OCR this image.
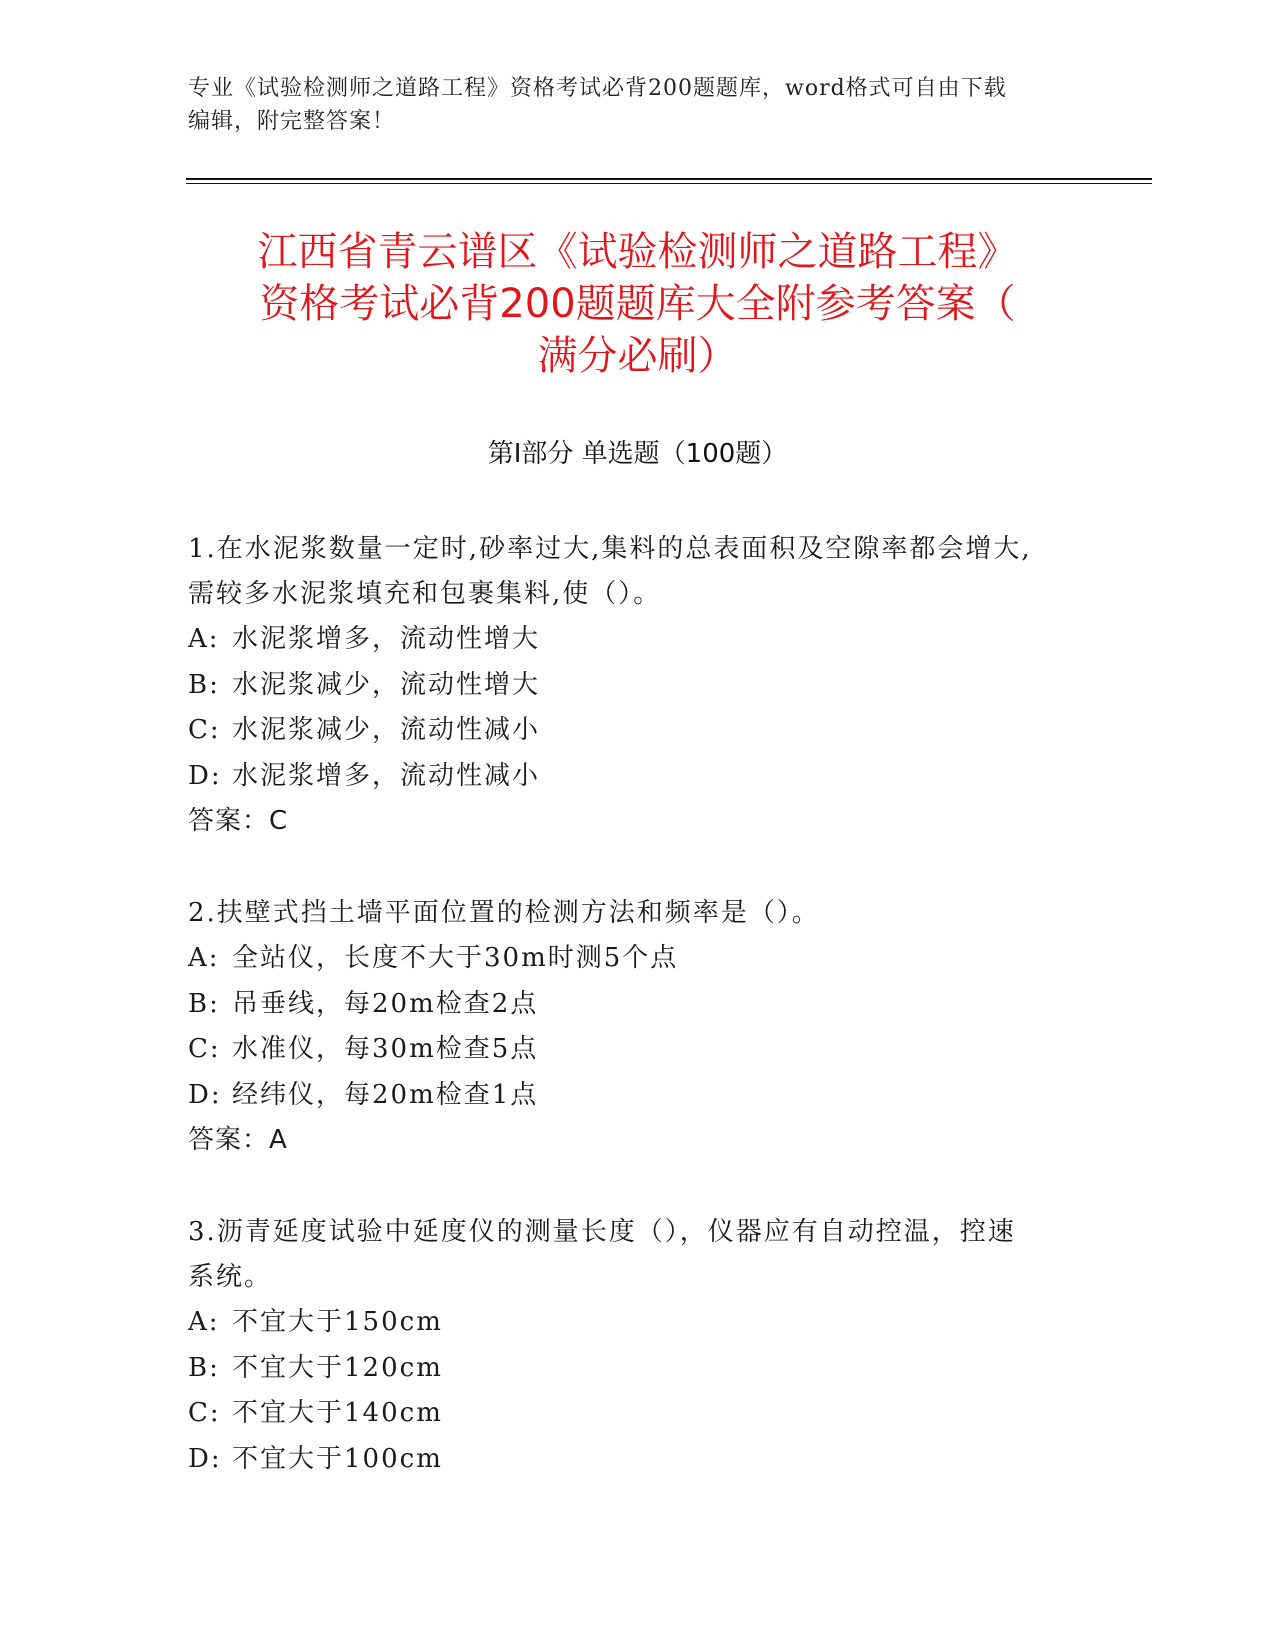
专业《试验检测师之道路工程》资格考试必背200题题库，word格式可自由下载
编辑，附完整答案！
江西省青云谱区《试验检测师之道路工程》
资格考试必背200题题库大全附参考答案（
满分必刷）
第I部分 单选题（100题）
1.在水泥浆数量一定时,砂率过大,集料的总表面积及空隙率都会增大,
需较多水泥浆填充和包裹集料,使（）。
A: 水泥浆增多，流动性增大
B: 水泥浆减少，流动性增大
C: 水泥浆减少，流动性减小
D: 水泥浆增多，流动性减小
答案：C
2.扶壁式挡土墙平面位置的检测方法和频率是（）。
A: 全站仪，长度不大于30m时测5个点
B: 吊垂线，每20m检查2点
C: 水准仪，每30m检查5点
D: 经纬仪，每20m检查1点
答案：A
3.沥青延度试验中延度仪的测量长度（），仪器应有自动控温，控速
系统。
A: 不宜大于150cm
B: 不宜大于120cm
C: 不宜大于140cm
D: 不宜大于100cm
